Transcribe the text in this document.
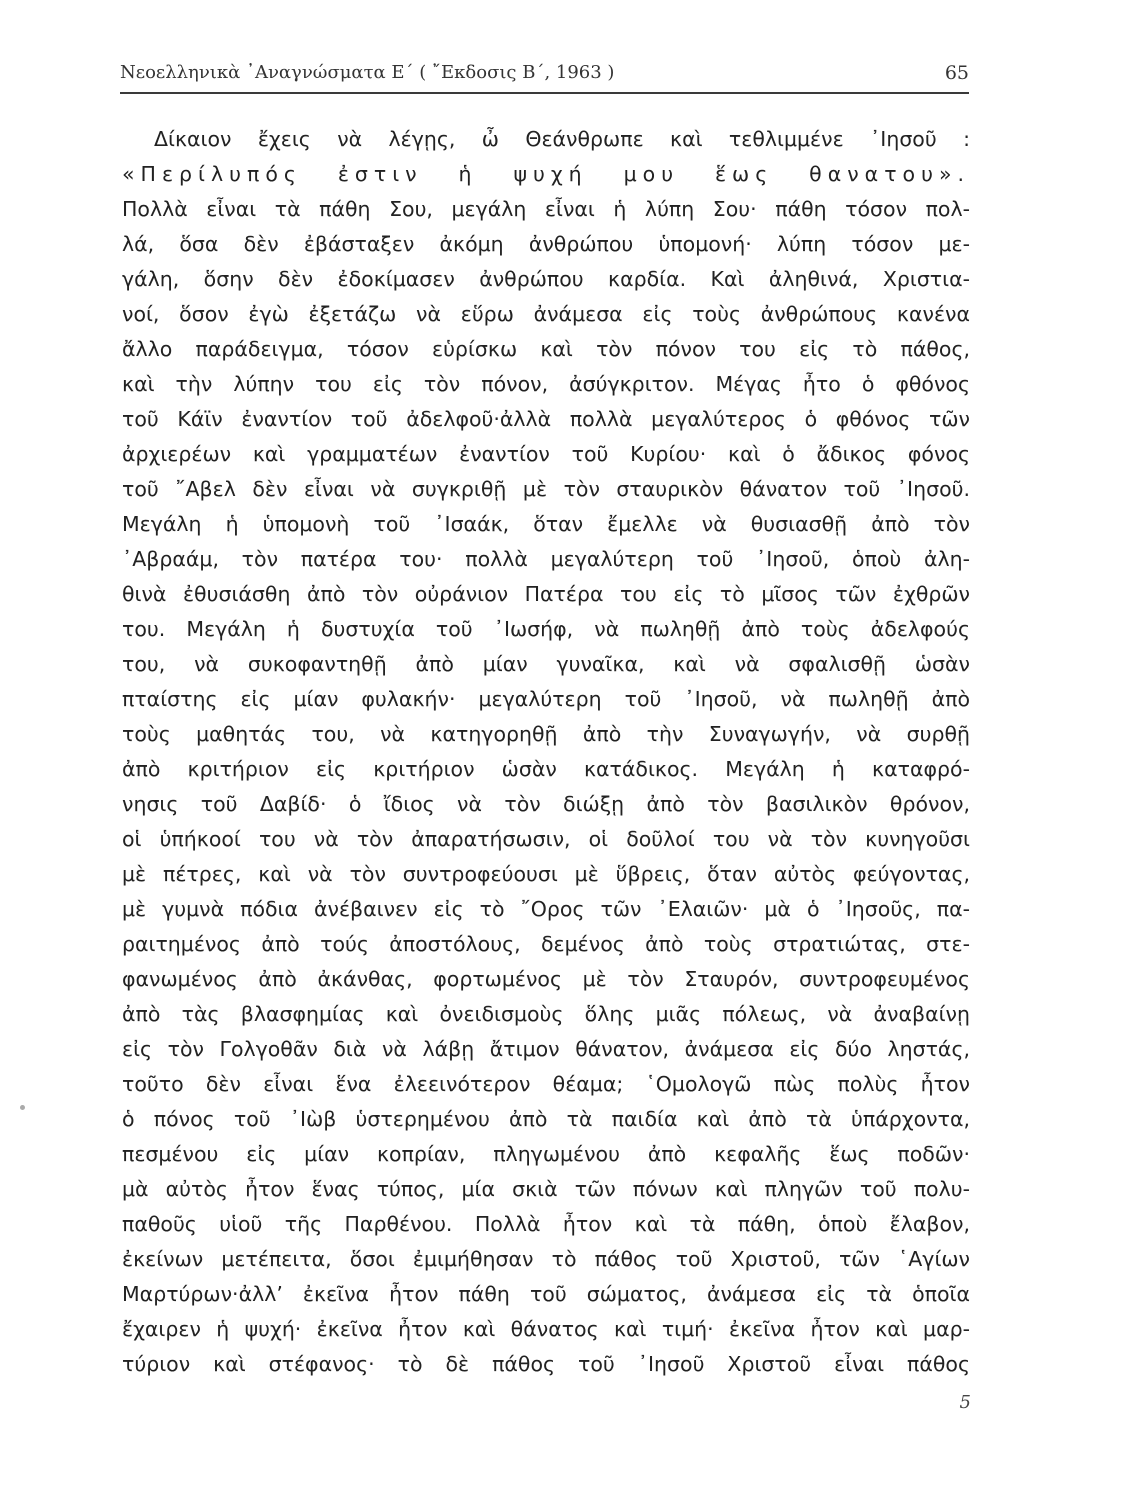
Νεοελληνικὰ ᾿Αναγνώσματα Ε΄ ( ῎Εκδοσις Β΄, 1963 )	65
Δίκαιον ἔχεις νὰ λέγῃς, ὦ Θεάνθρωπε καὶ τεθλιμμένε ᾿Ιησοῦ :
«Περίλυπός ἐστιν ἡ ψυχή μου ἕως θανατου».
Πολλὰ εἶναι τὰ πάθη Σου, μεγάλη εἶναι ἡ λύπη Σου· πάθη τόσον πολ-
λά, ὅσα δὲν ἐβάσταξεν ἀκόμη ἀνθρώπου ὑπομονή· λύπη τόσον με-
γάλη, ὅσην δὲν ἐδοκίμασεν ἀνθρώπου καρδία. Καὶ ἀληθινά, Χριστια-
νοί, ὅσον ἐγὼ ἐξετάζω νὰ εὕρω ἀνάμεσα εἰς τοὺς ἀνθρώπους κανένα
ἄλλο παράδειγμα, τόσον εὑρίσκω καὶ τὸν πόνον του εἰς τὸ πάθος,
καὶ τὴν λύπην του εἰς τὸν πόνον, ἀσύγκριτον. Μέγας ἦτο ὁ φθόνος
τοῦ Κάϊν ἐναντίον τοῦ ἀδελφοῦ·ἀλλὰ πολλὰ μεγαλύτερος ὁ φθόνος τῶν
ἀρχιερέων καὶ γραμματέων ἐναντίον τοῦ Κυρίου· καὶ ὁ ἄδικος φόνος
τοῦ ῎Αβελ δὲν εἶναι νὰ συγκριθῇ μὲ τὸν σταυρικὸν θάνατον τοῦ ᾿Ιησοῦ.
Μεγάλη ἡ ὑπομονὴ τοῦ ᾿Ισαάκ, ὅταν ἔμελλε νὰ θυσιασθῇ ἀπὸ τὸν
᾿Αβραάμ, τὸν πατέρα του· πολλὰ μεγαλύτερη τοῦ ᾿Ιησοῦ, ὁποὺ ἀλη-
θινὰ ἐθυσιάσθη ἀπὸ τὸν οὐράνιον Πατέρα του εἰς τὸ μῖσος τῶν ἐχθρῶν
του. Μεγάλη ἡ δυστυχία τοῦ ᾿Ιωσήφ, νὰ πωληθῇ ἀπὸ τοὺς ἀδελφούς
του, νὰ συκοφαντηθῇ ἀπὸ μίαν γυναῖκα, καὶ νὰ σφαλισθῇ ὡσὰν
πταίστης εἰς μίαν φυλακήν· μεγαλύτερη τοῦ ᾿Ιησοῦ, νὰ πωληθῇ ἀπὸ
τοὺς μαθητάς του, νὰ κατηγορηθῇ ἀπὸ τὴν Συναγωγήν, νὰ συρθῇ
ἀπὸ κριτήριον εἰς κριτήριον ὡσὰν κατάδικος. Μεγάλη ἡ καταφρό-
νησις τοῦ Δαβίδ· ὁ ἴδιος νὰ τὸν διώξῃ ἀπὸ τὸν βασιλικὸν θρόνον,
οἱ ὑπήκοοί του νὰ τὸν ἀπαρατήσωσιν, οἱ δοῦλοί του νὰ τὸν κυνηγοῦσι
μὲ πέτρες, καὶ νὰ τὸν συντροφεύουσι μὲ ὕβρεις, ὅταν αὐτὸς φεύγοντας,
μὲ γυμνὰ πόδια ἀνέβαινεν εἰς τὸ ῎Ορος τῶν ᾿Ελαιῶν· μὰ ὁ ᾿Ιησοῦς, πα-
ραιτημένος ἀπὸ τούς ἀποστόλους, δεμένος ἀπὸ τοὺς στρατιώτας, στε-
φανωμένος ἀπὸ ἀκάνθας, φορτωμένος μὲ τὸν Σταυρόν, συντροφευμένος
ἀπὸ τὰς βλασφημίας καὶ ὀνειδισμοὺς ὅλης μιᾶς πόλεως, νὰ ἀναβαίνῃ
εἰς τὸν Γολγοθᾶν διὰ νὰ λάβῃ ἄτιμον θάνατον, ἀνάμεσα εἰς δύο ληστάς,
τοῦτο δὲν εἶναι ἕνα ἐλεεινότερον θέαμα; ῾Ομολογῶ πὼς πολὺς ἦτον
ὁ πόνος τοῦ ᾿Ιὼβ ὑστερημένου ἀπὸ τὰ παιδία καὶ ἀπὸ τὰ ὑπάρχοντα,
πεσμένου εἰς μίαν κοπρίαν, πληγωμένου ἀπὸ κεφαλῆς ἕως ποδῶν·
μὰ αὐτὸς ἦτον ἕνας τύπος, μία σκιὰ τῶν πόνων καὶ πληγῶν τοῦ πολυ-
παθοῦς υἱοῦ τῆς Παρθένου. Πολλὰ ἦτον καὶ τὰ πάθη, ὁποὺ ἔλαβον,
ἐκείνων μετέπειτα, ὅσοι ἐμιμήθησαν τὸ πάθος τοῦ Χριστοῦ, τῶν ῾Αγίων
Μαρτύρων·ἀλλ’ ἐκεῖνα ἦτον πάθη τοῦ σώματος, ἀνάμεσα εἰς τὰ ὁποῖα
ἔχαιρεν ἡ ψυχή· ἐκεῖνα ἦτον καὶ θάνατος καὶ τιμή· ἐκεῖνα ἦτον καὶ μαρ-
τύριον καὶ στέφανος· τὸ δὲ πάθος τοῦ ᾿Ιησοῦ Χριστοῦ εἶναι πάθος
5
